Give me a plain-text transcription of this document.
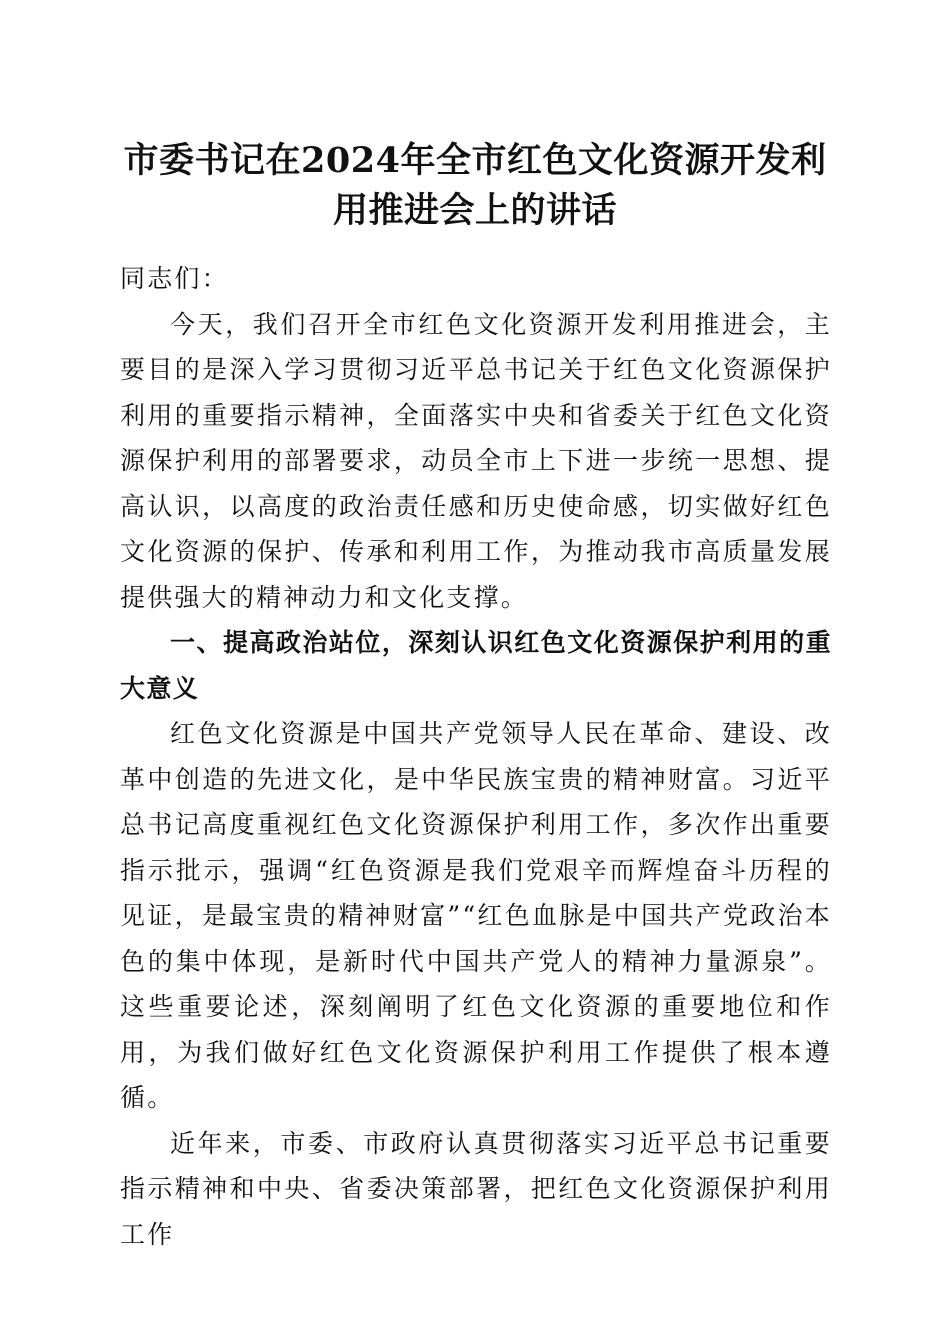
市委书记在2024年全市红色文化资源开发利用推进会上的讲话

同志们：

今天，我们召开全市红色文化资源开发利用推进会，主要目的是深入学习贯彻习近平总书记关于红色文化资源保护利用的重要指示精神，全面落实中央和省委关于红色文化资源保护利用的部署要求，动员全市上下进一步统一思想、提高认识，以高度的政治责任感和历史使命感，切实做好红色文化资源的保护、传承和利用工作，为推动我市高质量发展提供强大的精神动力和文化支撑。

一、提高政治站位，深刻认识红色文化资源保护利用的重大意义

红色文化资源是中国共产党领导人民在革命、建设、改革中创造的先进文化，是中华民族宝贵的精神财富。习近平总书记高度重视红色文化资源保护利用工作，多次作出重要指示批示，强调“红色资源是我们党艰辛而辉煌奋斗历程的见证，是最宝贵的精神财富”“红色血脉是中国共产党政治本色的集中体现，是新时代中国共产党人的精神力量源泉”。这些重要论述，深刻阐明了红色文化资源的重要地位和作用，为我们做好红色文化资源保护利用工作提供了根本遵循。

近年来，市委、市政府认真贯彻落实习近平总书记重要指示精神和中央、省委决策部署，把红色文化资源保护利用工作
